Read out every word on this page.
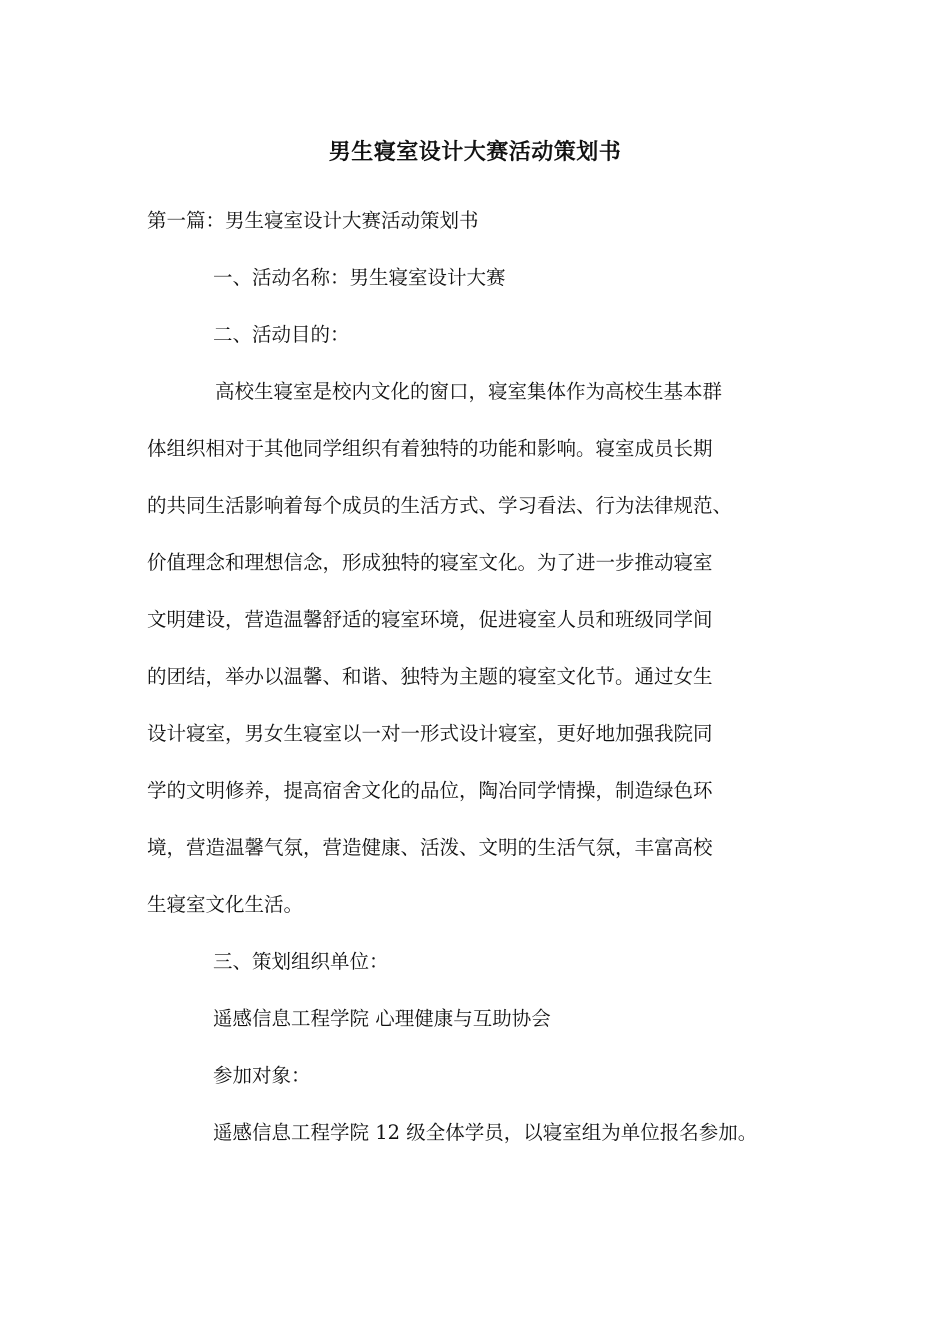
男生寝室设计大赛活动策划书
第一篇：男生寝室设计大赛活动策划书
一、活动名称：男生寝室设计大赛
二、活动目的：
高校生寝室是校内文化的窗口，寝室集体作为高校生基本群
体组织相对于其他同学组织有着独特的功能和影响。寝室成员长期
的共同生活影响着每个成员的生活方式、学习看法、行为法律规范、
价值理念和理想信念，形成独特的寝室文化。为了进一步推动寝室
文明建设，营造温馨舒适的寝室环境，促进寝室人员和班级同学间
的团结，举办以温馨、和谐、独特为主题的寝室文化节。通过女生
设计寝室，男女生寝室以一对一形式设计寝室，更好地加强我院同
学的文明修养，提高宿舍文化的品位，陶冶同学情操，制造绿色环
境，营造温馨气氛，营造健康、活泼、文明的生活气氛，丰富高校
生寝室文化生活。
三、策划组织单位：
遥感信息工程学院 心理健康与互助协会
参加对象：
遥感信息工程学院 12 级全体学员，以寝室组为单位报名参加。
